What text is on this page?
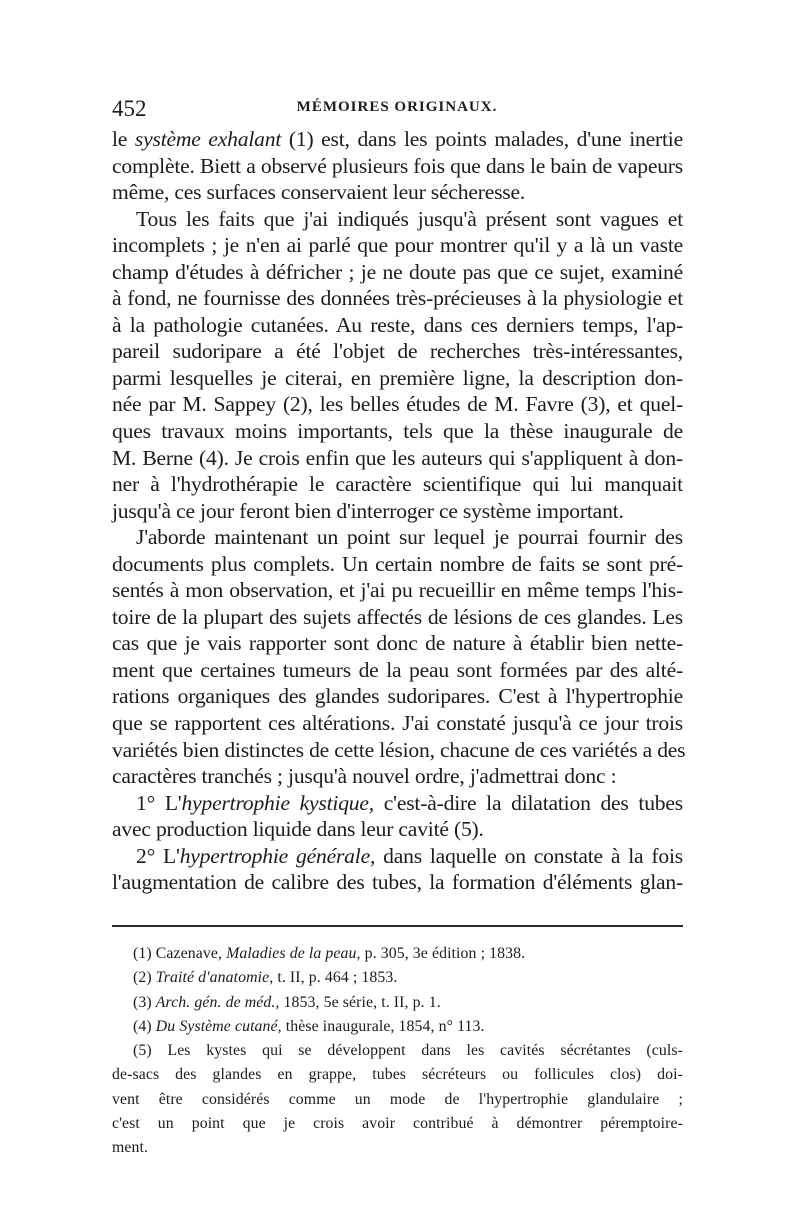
452	MÉMOIRES ORIGINAUX.
le système exhalant (1) est, dans les points malades, d'une inertie
complète. Biett a observé plusieurs fois que dans le bain de vapeurs
même, ces surfaces conservaient leur sécheresse.
Tous les faits que j'ai indiqués jusqu'à présent sont vagues et
incomplets ; je n'en ai parlé que pour montrer qu'il y a là un vaste
champ d'études à défricher ; je ne doute pas que ce sujet, examiné
à fond, ne fournisse des données très-précieuses à la physiologie et
à la pathologie cutanées. Au reste, dans ces derniers temps, l'ap-
pareil sudoripare a été l'objet de recherches très-intéressantes,
parmi lesquelles je citerai, en première ligne, la description don-
née par M. Sappey (2), les belles études de M. Favre (3), et quel-
ques travaux moins importants, tels que la thèse inaugurale de
M. Berne (4). Je crois enfin que les auteurs qui s'appliquent à don-
ner à l'hydrothérapie le caractère scientifique qui lui manquait
jusqu'à ce jour feront bien d'interroger ce système important.
J'aborde maintenant un point sur lequel je pourrai fournir des
documents plus complets. Un certain nombre de faits se sont pré-
sentés à mon observation, et j'ai pu recueillir en même temps l'his-
toire de la plupart des sujets affectés de lésions de ces glandes. Les
cas que je vais rapporter sont donc de nature à établir bien nette-
ment que certaines tumeurs de la peau sont formées par des alté-
rations organiques des glandes sudoripares. C'est à l'hypertrophie
que se rapportent ces altérations. J'ai constaté jusqu'à ce jour trois
variétés bien distinctes de cette lésion, chacune de ces variétés a des
caractères tranchés ; jusqu'à nouvel ordre, j'admettrai donc :
1° L'hypertrophie kystique, c'est-à-dire la dilatation des tubes
avec production liquide dans leur cavité (5).
2° L'hypertrophie générale, dans laquelle on constate à la fois
l'augmentation de calibre des tubes, la formation d'éléments glan-
(1) Cazenave, Maladies de la peau, p. 305, 3e édition ; 1838.
(2) Traité d'anatomie, t. II, p. 464 ; 1853.
(3) Arch. gén. de méd., 1853, 5e série, t. II, p. 1.
(4) Du Système cutané, thèse inaugurale, 1854, n° 113.
(5) Les kystes qui se développent dans les cavités sécrétantes (culs-
de-sacs des glandes en grappe, tubes sécréteurs ou follicules clos) doi-
vent être considérés comme un mode de l'hypertrophie glandulaire ;
c'est un point que je crois avoir contribué à démontrer péremptoire-
ment.
